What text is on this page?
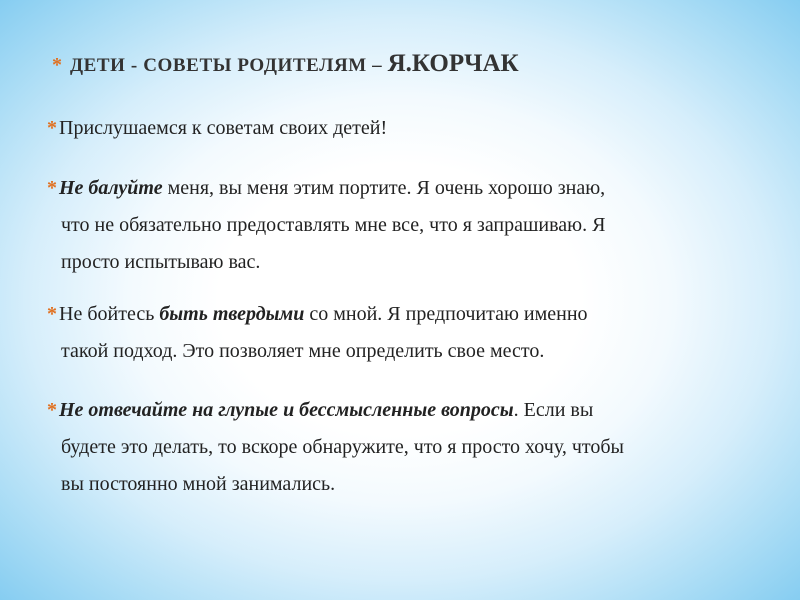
* ДЕТИ - СОВЕТЫ РОДИТЕЛЯМ – Я.КОРЧАК
* Прислушаемся к советам своих детей!
* Не балуйте меня, вы меня этим портите. Я очень хорошо знаю,
что не обязательно предоставлять мне все, что я запрашиваю. Я
просто испытываю вас.
* Не бойтесь быть твердыми со мной. Я предпочитаю именно
такой подход. Это позволяет мне определить свое место.
* Не отвечайте на глупые и бессмысленные вопросы. Если вы
будете это делать, то вскоре обнаружите, что я просто хочу, чтобы
вы постоянно мной занимались.
